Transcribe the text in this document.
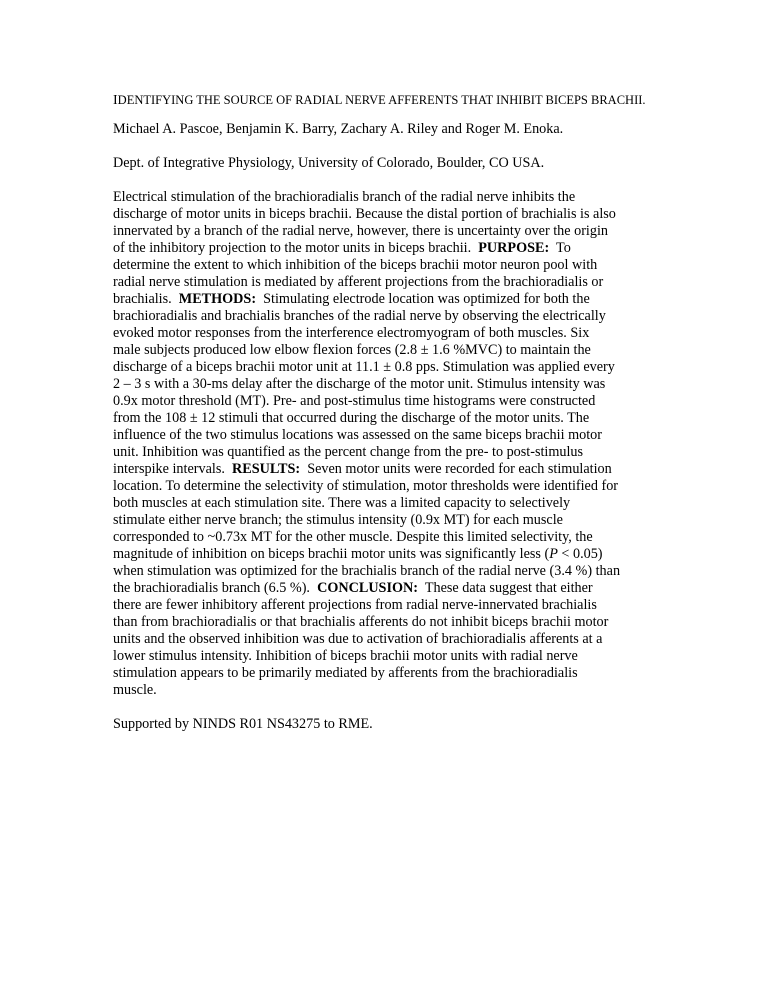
IDENTIFYING THE SOURCE OF RADIAL NERVE AFFERENTS THAT INHIBIT BICEPS BRACHII.
Michael A. Pascoe, Benjamin K. Barry, Zachary A. Riley and Roger M. Enoka.
Dept. of Integrative Physiology, University of Colorado, Boulder, CO USA.
Electrical stimulation of the brachioradialis branch of the radial nerve inhibits the
discharge of motor units in biceps brachii. Because the distal portion of brachialis is also
innervated by a branch of the radial nerve, however, there is uncertainty over the origin
of the inhibitory projection to the motor units in biceps brachii.  PURPOSE:  To
determine the extent to which inhibition of the biceps brachii motor neuron pool with
radial nerve stimulation is mediated by afferent projections from the brachioradialis or
brachialis.  METHODS:  Stimulating electrode location was optimized for both the
brachioradialis and brachialis branches of the radial nerve by observing the electrically
evoked motor responses from the interference electromyogram of both muscles. Six
male subjects produced low elbow flexion forces (2.8 ± 1.6 %MVC) to maintain the
discharge of a biceps brachii motor unit at 11.1 ± 0.8 pps. Stimulation was applied every
2 – 3 s with a 30-ms delay after the discharge of the motor unit. Stimulus intensity was
0.9x motor threshold (MT). Pre- and post-stimulus time histograms were constructed
from the 108 ± 12 stimuli that occurred during the discharge of the motor units. The
influence of the two stimulus locations was assessed on the same biceps brachii motor
unit. Inhibition was quantified as the percent change from the pre- to post-stimulus
interspike intervals.  RESULTS:  Seven motor units were recorded for each stimulation
location. To determine the selectivity of stimulation, motor thresholds were identified for
both muscles at each stimulation site. There was a limited capacity to selectively
stimulate either nerve branch; the stimulus intensity (0.9x MT) for each muscle
corresponded to ~0.73x MT for the other muscle. Despite this limited selectivity, the
magnitude of inhibition on biceps brachii motor units was significantly less (P < 0.05)
when stimulation was optimized for the brachialis branch of the radial nerve (3.4 %) than
the brachioradialis branch (6.5 %).  CONCLUSION:  These data suggest that either
there are fewer inhibitory afferent projections from radial nerve-innervated brachialis
than from brachioradialis or that brachialis afferents do not inhibit biceps brachii motor
units and the observed inhibition was due to activation of brachioradialis afferents at a
lower stimulus intensity. Inhibition of biceps brachii motor units with radial nerve
stimulation appears to be primarily mediated by afferents from the brachioradialis
muscle.
Supported by NINDS R01 NS43275 to RME.
